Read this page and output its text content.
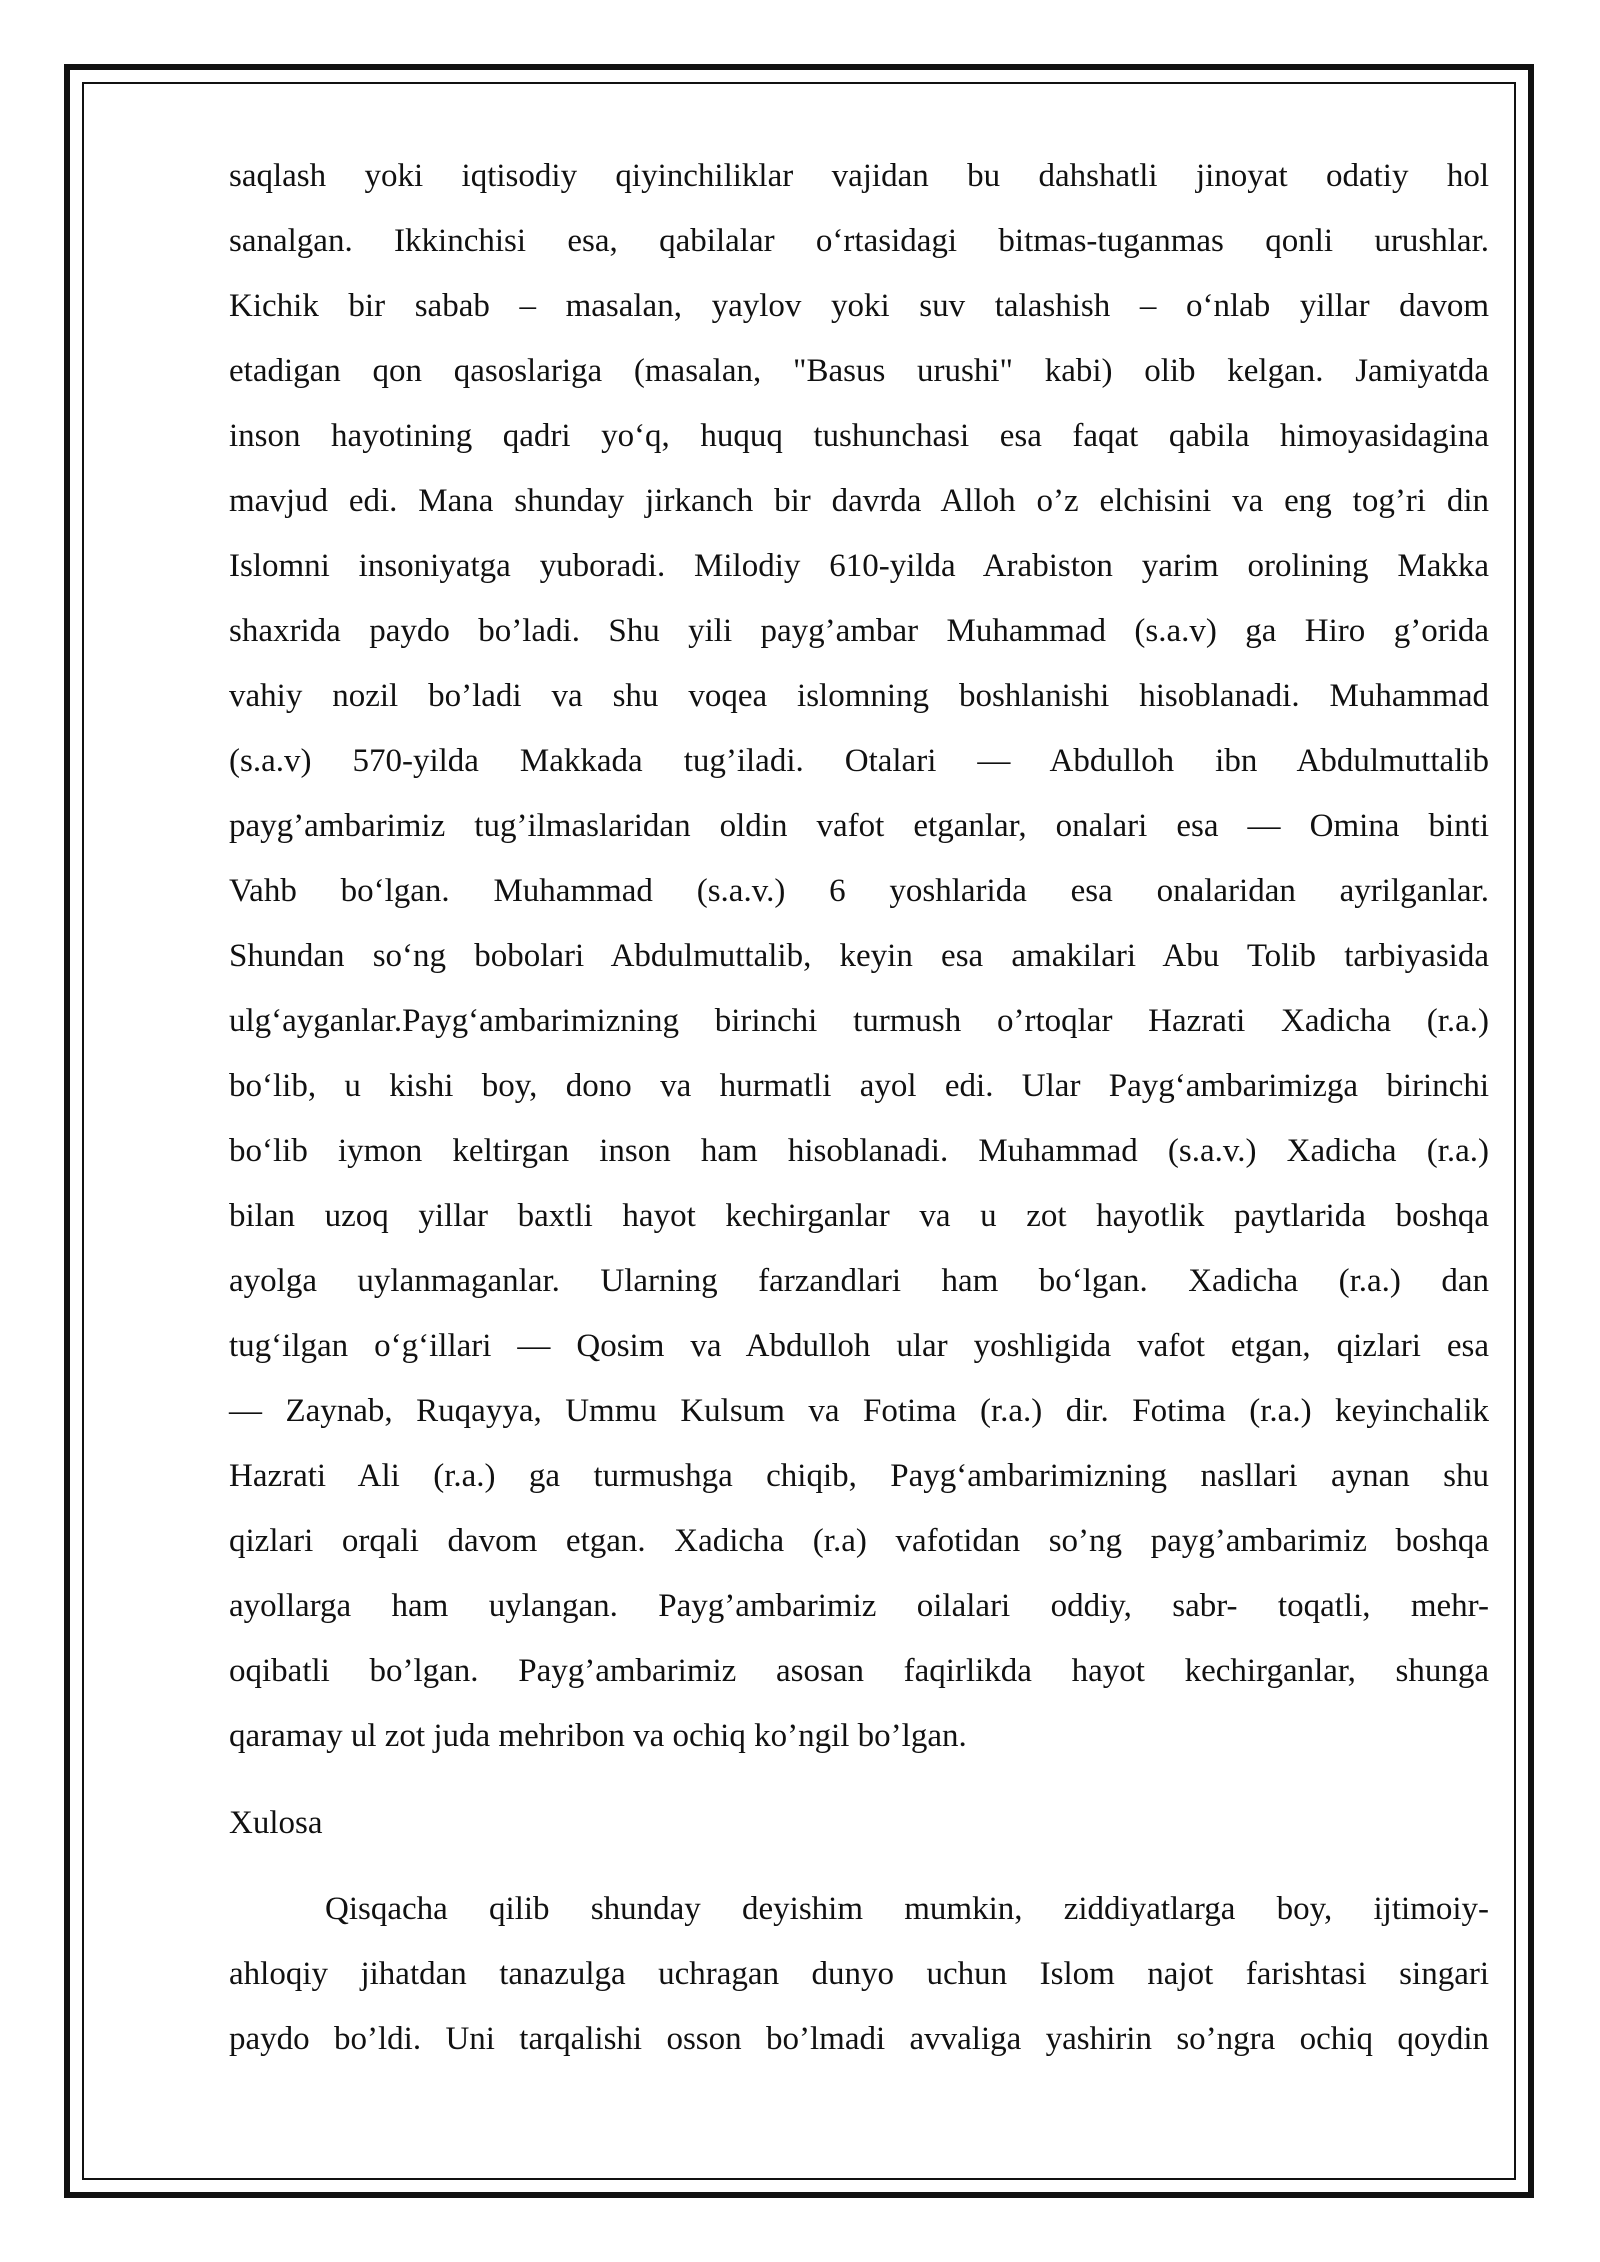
saqlash yoki iqtisodiy qiyinchiliklar vajidan bu dahshatli jinoyat odatiy hol
sanalgan. Ikkinchisi esa, qabilalar o‘rtasidagi bitmas-tuganmas qonli urushlar.
Kichik bir sabab – masalan, yaylov yoki suv talashish – o‘nlab yillar davom
etadigan qon qasoslariga (masalan, "Basus urushi" kabi) olib kelgan. Jamiyatda
inson hayotining qadri yo‘q, huquq tushunchasi esa faqat qabila himoyasidagina
mavjud edi. Mana shunday jirkanch bir davrda Alloh o’z elchisini va eng tog’ri din
Islomni insoniyatga yuboradi. Milodiy 610-yilda Arabiston yarim orolining Makka
shaxrida paydo bo’ladi. Shu yili payg’ambar Muhammad (s.a.v) ga Hiro g’orida
vahiy nozil bo’ladi va shu voqea islomning boshlanishi hisoblanadi. Muhammad
(s.a.v) 570-yilda Makkada tug’iladi. Otalari — Abdulloh ibn Abdulmuttalib
payg’ambarimiz tug’ilmaslaridan oldin vafot etganlar, onalari esa — Omina binti
Vahb bo‘lgan. Muhammad (s.a.v.) 6 yoshlarida esa onalaridan ayrilganlar.
Shundan so‘ng bobolari Abdulmuttalib, keyin esa amakilari Abu Tolib tarbiyasida
ulg‘ayganlar.Payg‘ambarimizning birinchi turmush o’rtoqlar Hazrati Xadicha (r.a.)
bo‘lib, u kishi boy, dono va hurmatli ayol edi. Ular Payg‘ambarimizga birinchi
bo‘lib iymon keltirgan inson ham hisoblanadi. Muhammad (s.a.v.) Xadicha (r.a.)
bilan uzoq yillar baxtli hayot kechirganlar va u zot hayotlik paytlarida boshqa
ayolga uylanmaganlar. Ularning farzandlari ham bo‘lgan. Xadicha (r.a.) dan
tug‘ilgan o‘g‘illari — Qosim va Abdulloh ular yoshligida vafot etgan, qizlari esa
— Zaynab, Ruqayya, Ummu Kulsum va Fotima (r.a.) dir. Fotima (r.a.) keyinchalik
Hazrati Ali (r.a.) ga turmushga chiqib, Payg‘ambarimizning nasllari aynan shu
qizlari orqali davom etgan. Xadicha (r.a) vafotidan so’ng payg’ambarimiz boshqa
ayollarga ham uylangan. Payg’ambarimiz oilalari oddiy, sabr- toqatli, mehr-
oqibatli bo’lgan. Payg’ambarimiz asosan faqirlikda hayot kechirganlar, shunga
qaramay ul zot juda mehribon va ochiq ko’ngil bo’lgan.
Xulosa
Qisqacha qilib shunday deyishim mumkin, ziddiyatlarga boy, ijtimoiy-
ahloqiy jihatdan tanazulga uchragan dunyo uchun Islom najot farishtasi singari
paydo bo’ldi. Uni tarqalishi osson bo’lmadi avvaliga yashirin so’ngra ochiq qoydin
